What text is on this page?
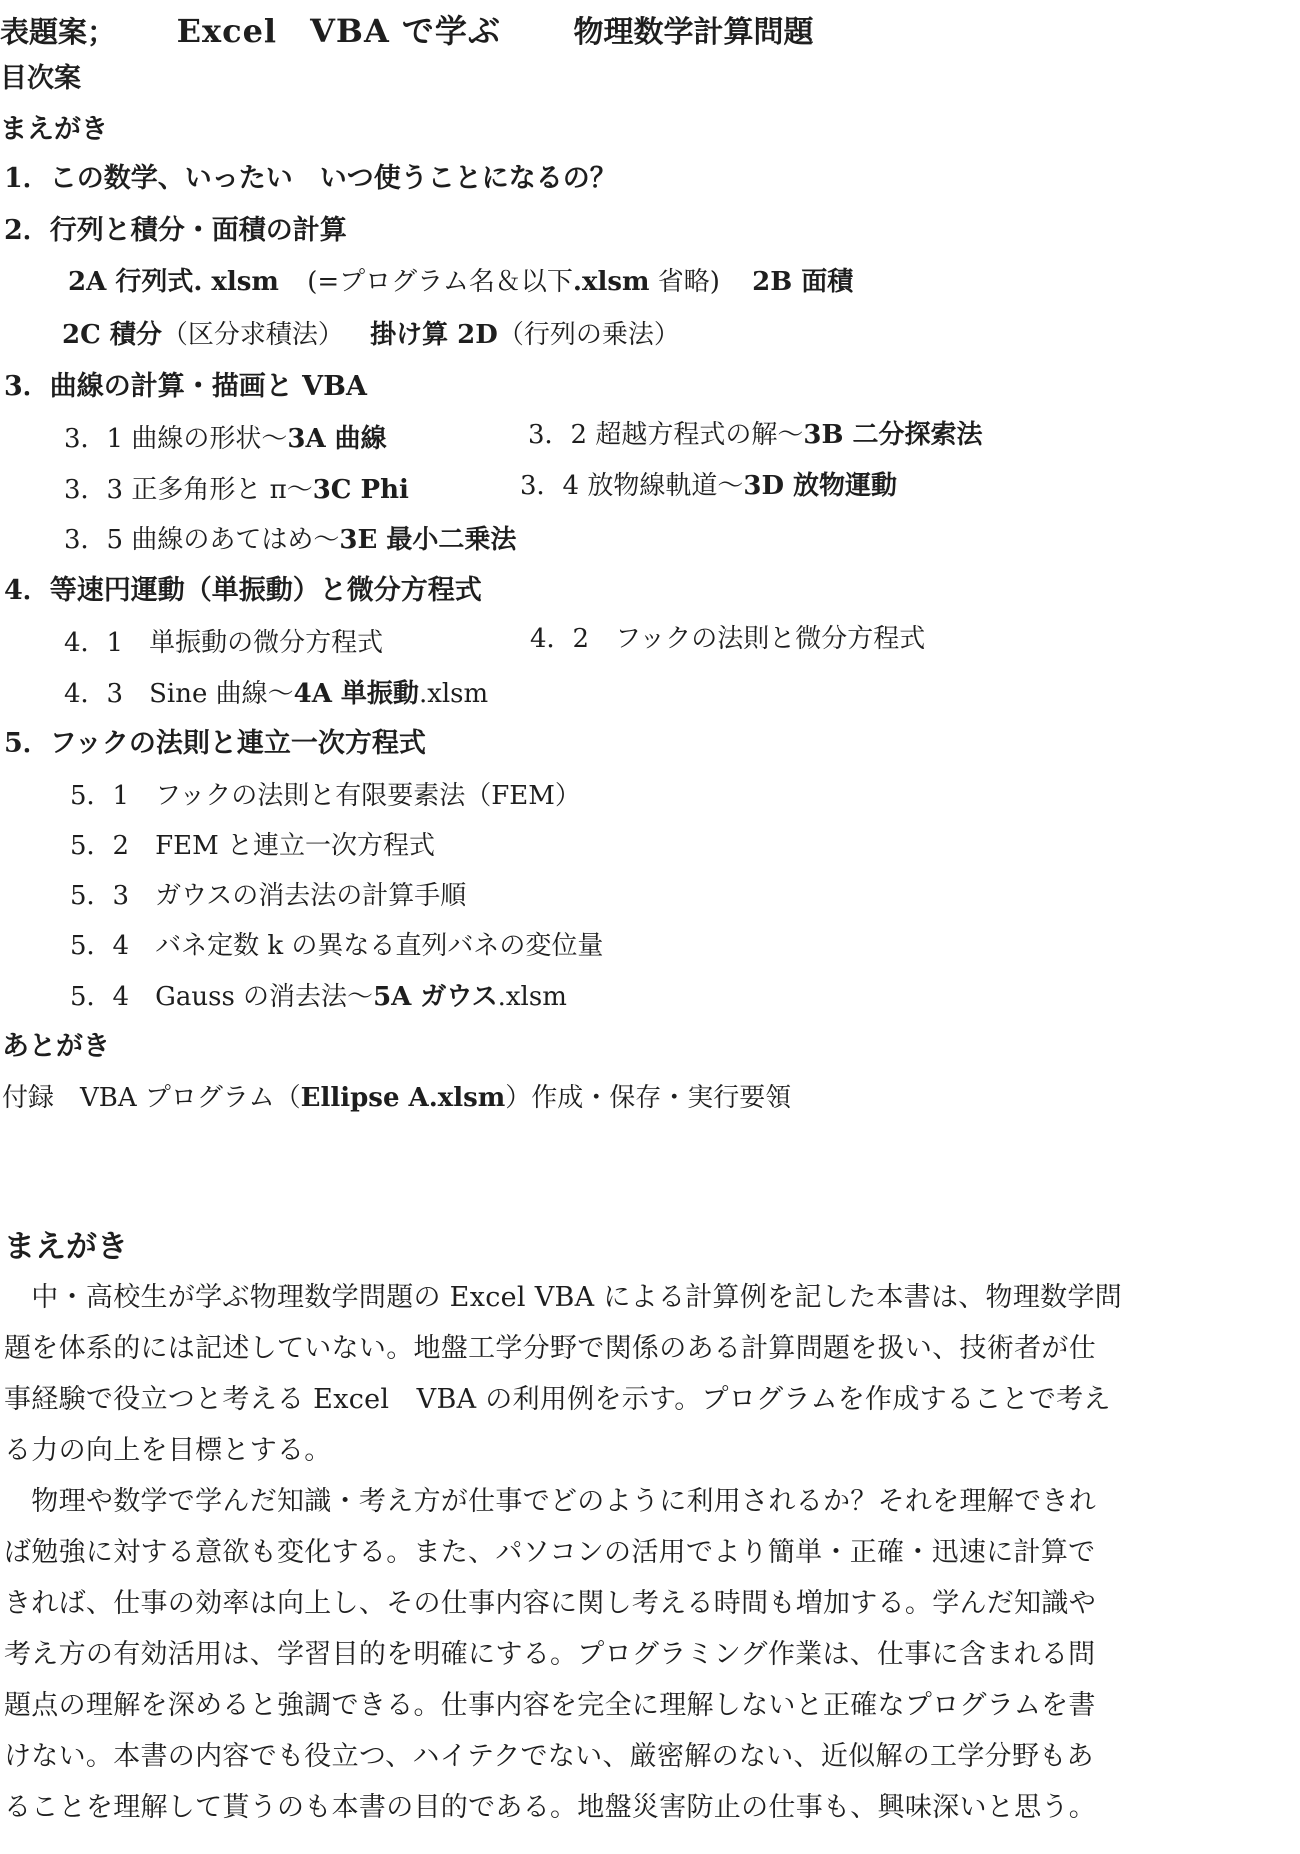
表題案； Excel　VBA で学ぶ 物理数学計算問題
目次案
まえがき
1．この数学、いったい　いつ使うことになるの？
2．行列と積分・面積の計算
2A 行列式. xlsm (=プログラム名＆以下.xlsm 省略) 2B 面積
2C 積分（区分求積法） 掛け算 2D（行列の乗法）
3．曲線の計算・描画と VBA
3．1 曲線の形状～3A 曲線	3．2 超越方程式の解～3B 二分探索法
3．3 正多角形と π～3C Phi	3．4 放物線軌道～3D 放物運動
3．5 曲線のあてはめ～3E 最小二乗法
4．等速円運動（単振動）と微分方程式
4．1　単振動の微分方程式	4．2　フックの法則と微分方程式
4．3　Sine 曲線～4A 単振動.xlsm
5．フックの法則と連立一次方程式
5．1　フックの法則と有限要素法（FEM）
5．2　FEM と連立一次方程式
5．3　ガウスの消去法の計算手順
5．4　バネ定数 k の異なる直列バネの変位量
5．4　Gauss の消去法～5A ガウス.xlsm
あとがき
付録　VBA プログラム（Ellipse A.xlsm）作成・保存・実行要領
まえがき
　中・高校生が学ぶ物理数学問題の Excel VBA による計算例を記した本書は、物理数学問
題を体系的には記述していない。地盤工学分野で関係のある計算問題を扱い、技術者が仕
事経験で役立つと考える Excel　VBA の利用例を示す。プログラムを作成することで考え
る力の向上を目標とする。
　物理や数学で学んだ知識・考え方が仕事でどのように利用されるか？それを理解できれ
ば勉強に対する意欲も変化する。また、パソコンの活用でより簡単・正確・迅速に計算で
きれば、仕事の効率は向上し、その仕事内容に関し考える時間も増加する。学んだ知識や
考え方の有効活用は、学習目的を明確にする。プログラミング作業は、仕事に含まれる問
題点の理解を深めると強調できる。仕事内容を完全に理解しないと正確なプログラムを書
けない。本書の内容でも役立つ、ハイテクでない、厳密解のない、近似解の工学分野もあ
ることを理解して貰うのも本書の目的である。地盤災害防止の仕事も、興味深いと思う。
